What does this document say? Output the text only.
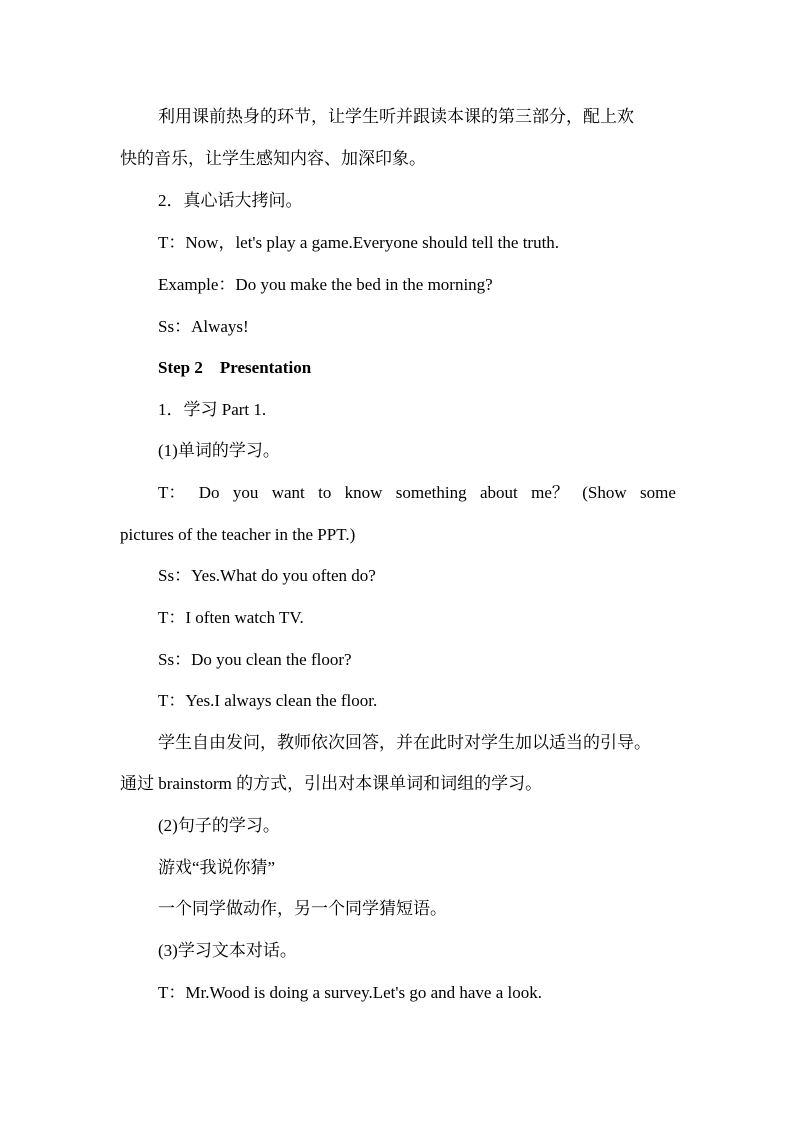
利用课前热身的环节，让学生听并跟读本课的第三部分，配上欢
快的音乐，让学生感知内容、加深印象。
2．真心话大拷问。
T：Now，let's play a game.Everyone should tell the truth.
Example：Do you make the bed in the morning?
Ss：Always!
Step 2　Presentation
1．学习 Part 1.
(1)单词的学习。
T： Do you want to know something about me？ (Show some
pictures of the teacher in the PPT.)
Ss：Yes.What do you often do?
T：I often watch TV.
Ss：Do you clean the floor?
T：Yes.I always clean the floor.
学生自由发问，教师依次回答，并在此时对学生加以适当的引导。
通过 brainstorm 的方式，引出对本课单词和词组的学习。
(2)句子的学习。
游戏“我说你猜”
一个同学做动作，另一个同学猜短语。
(3)学习文本对话。
T：Mr.Wood is doing a survey.Let's go and have a look.
